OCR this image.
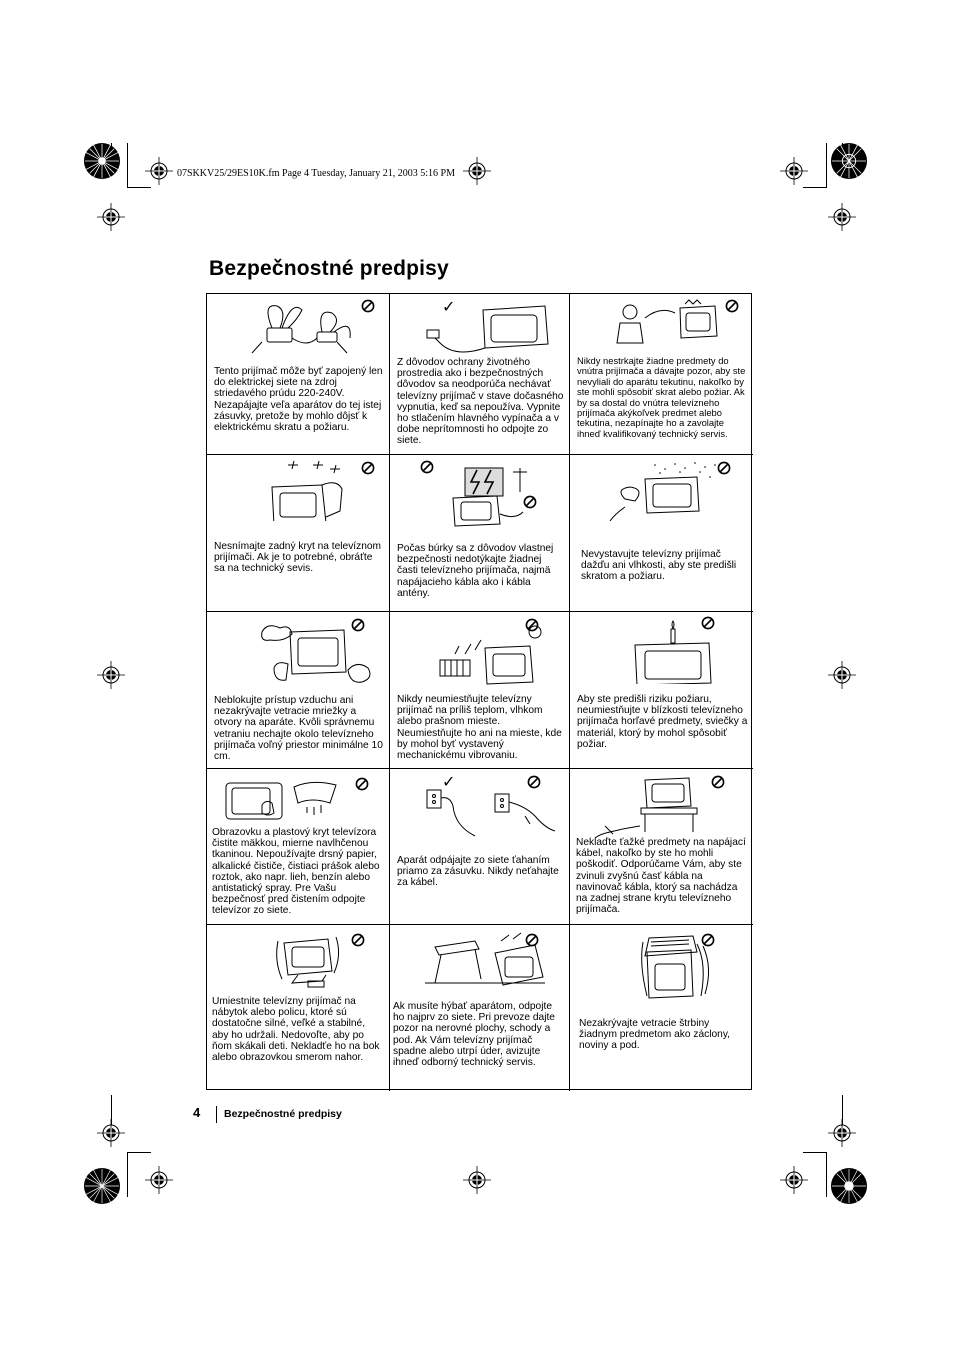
07SKKV25/29ES10K.fm Page 4 Tuesday, January 21, 2003 5:16 PM
Bezpečnostné predpisy
Tento prijímač môže byť zapojený len do elektrickej siete na zdroj striedavého prúdu 220-240V. Nezapájajte veľa aparátov do tej istej zásuvky, pretože by mohlo dôjsť k elektrickému skratu a požiaru.
✓
Z dôvodov ochrany životného prostredia ako i bezpečnostných dôvodov sa neodporúča nechávať televízny prijímač v stave dočasného vypnutia, keď sa nepoužíva. Vypnite ho stlačením hlavného vypínača a v dobe neprítomnosti ho odpojte zo siete.
Nikdy nestrkajte žiadne predmety do vnútra prijímača a dávajte pozor, aby ste nevyliali do aparátu tekutinu, nakoľko by ste mohli spôsobiť skrat alebo požiar. Ak by sa dostal do vnútra televízneho prijímača akýkoľvek predmet alebo tekutina, nezapínajte ho a zavolajte ihneď kvalifikovaný technický servis.
Nesnímajte zadný kryt na televíznom prijímači. Ak je to potrebné, obráťte sa na technický sevis.
Počas búrky sa z dôvodov vlastnej bezpečnosti nedotýkajte žiadnej časti televízneho prijímača, najmä napájacieho kábla ako i kábla antény.
Nevystavujte televízny prijímač dažďu ani vlhkosti, aby ste predišli skratom a požiaru.
Neblokujte prístup vzduchu ani nezakrývajte vetracie mriežky a otvory na aparáte. Kvôli správnemu vetraniu nechajte okolo televízneho prijímača voľný priestor minimálne 10 cm.
Nikdy neumiestňujte televízny prijímač na príliš teplom, vlhkom alebo prašnom mieste. Neumiestňujte ho ani na mieste, kde by mohol byť vystavený mechanickému vibrovaniu.
Aby ste predišli riziku požiaru, neumiestňujte v blízkosti televízneho prijímača horľavé predmety, sviečky a materiál, ktorý by mohol spôsobiť požiar.
Obrazovku a plastový kryt televízora čistite mäkkou, mierne navlhčenou tkaninou. Nepoužívajte drsný papier, alkalické čističe, čistiaci prášok alebo roztok, ako napr. lieh, benzín alebo antistatický spray. Pre Vašu bezpečnosť pred čistením odpojte televízor zo siete.
✓
Aparát odpájajte zo siete ťahaním priamo za zásuvku. Nikdy neťahajte za kábel.
Neklaďte ťažké predmety na napájací kábel, nakoľko by ste ho mohli poškodiť. Odporúčame Vám, aby ste zvinuli zvyšnú časť kábla na navinovač kábla, ktorý sa nachádza na zadnej strane krytu televízneho prijímača.
Umiestnite televízny prijímač na nábytok alebo policu, ktoré sú dostatočne silné, veľké a stabilné, aby ho udržali. Nedovoľte, aby po ňom skákali deti. Nekladťe ho na bok alebo obrazovkou smerom nahor.
Ak musíte hýbať aparátom, odpojte ho najprv zo siete. Pri prevoze dajte pozor na nerovné plochy, schody a pod. Ak Vám televízny prijímač spadne alebo utrpí úder, avizujte ihneď odborný technický servis.
Nezakrývajte vetracie štrbiny žiadnym predmetom ako záclony, noviny a pod.
4 Bezpečnostné predpisy
